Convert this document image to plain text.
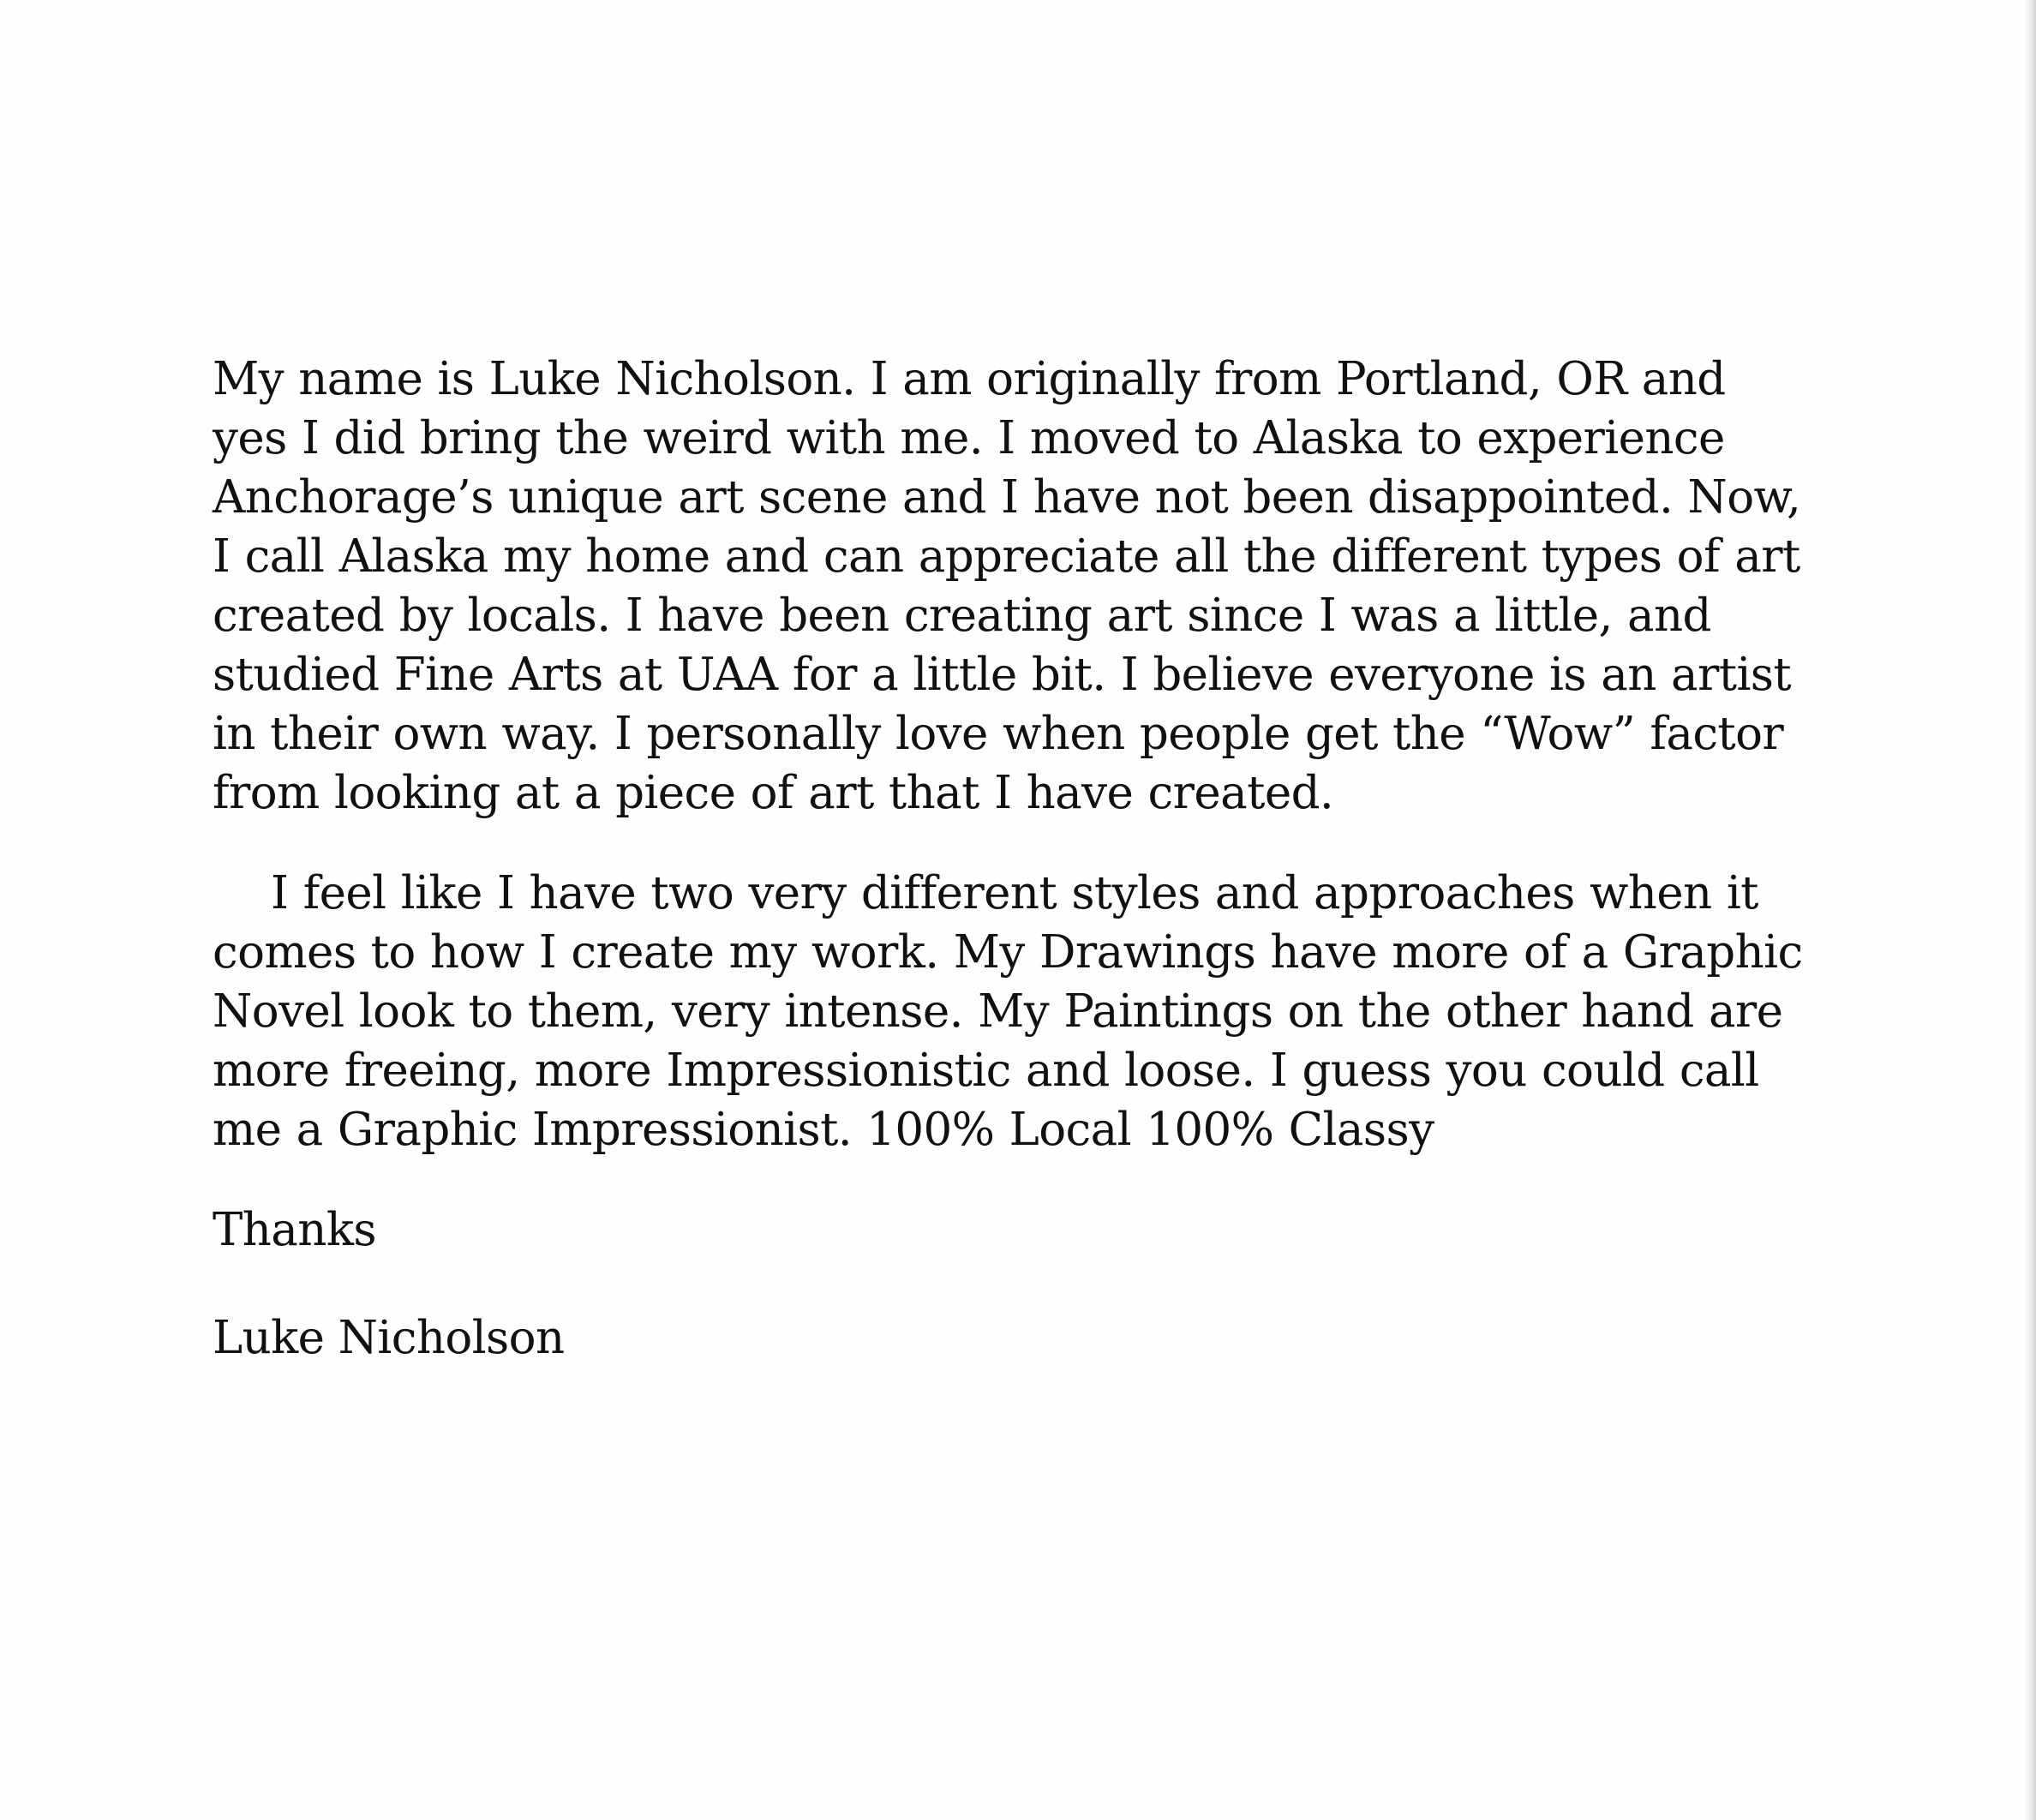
My name is Luke Nicholson. I am originally from Portland, OR and
yes I did bring the weird with me. I moved to Alaska to experience
Anchorage’s unique art scene and I have not been disappointed. Now,
I call Alaska my home and can appreciate all the different types of art
created by locals. I have been creating art since I was a little, and
studied Fine Arts at UAA for a little bit. I believe everyone is an artist
in their own way. I personally love when people get the “Wow” factor
from looking at a piece of art that I have created.

I feel like I have two very different styles and approaches when it
comes to how I create my work. My Drawings have more of a Graphic
Novel look to them, very intense. My Paintings on the other hand are
more freeing, more Impressionistic and loose. I guess you could call
me a Graphic Impressionist. 100% Local 100% Classy

Thanks

Luke Nicholson
